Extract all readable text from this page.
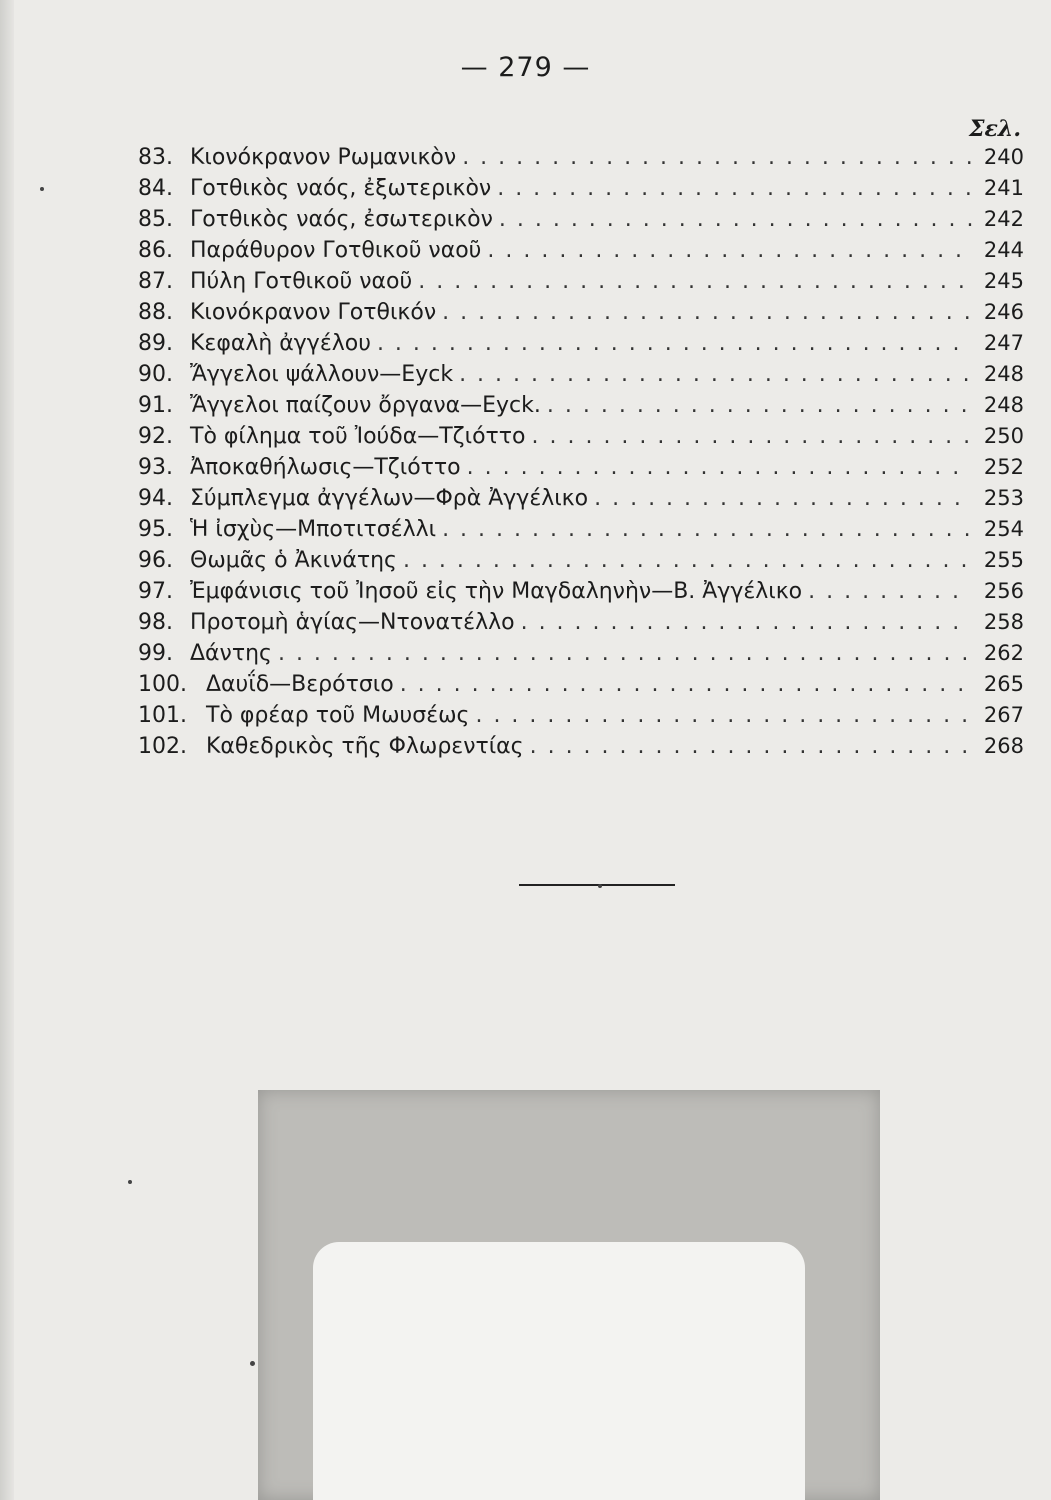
— 279 —
Σελ.
83. Κιονόκρανον Ρωμανικὸν . . .	240
84. Γοτθικὸς ναός, ἐξωτερικὸν . . .	241
85. Γοτθικὸς ναός, ἐσωτερικὸν . . .	242
86. Παράθυρον Γοτθικοῦ ναοῦ . . .	244
87. Πύλη Γοτθικοῦ ναοῦ . . .	245
88. Κιονόκρανον Γοτθικόν . . .	246
89. Κεφαλὴ ἀγγέλου . . .	247
90. Ἄγγελοι ψάλλουν—Eyck . . .	248
91. Ἄγγελοι παίζουν ὄργανα—Eyck. . . .	248
92. Τὸ φίλημα τοῦ Ἰούδα—Τζιόττο . . .	250
93. Ἀποκαθήλωσις—Τζιόττο . . .	252
94. Σύμπλεγμα ἀγγέλων—Φρὰ Ἀγγέλικο . . .	253
95. Ἡ ἰσχὺς—Μποτιτσέλλι . . .	254
96. Θωμᾶς ὁ Ἀκινάτης . . .	255
97. Ἐμφάνισις τοῦ Ἰησοῦ εἰς τὴν Μαγδαληνὴν—Β. Ἀγγέλικο . . .	256
98. Προτομὴ ἁγίας—Ντονατέλλο . . .	258
99. Δάντης . . .	262
100. Δαυΐδ—Βερότσιο . . .	265
101. Τὸ φρέαρ τοῦ Μωυσέως . . .	267
102. Καθεδρικὸς τῆς Φλωρεντίας . . .	268
